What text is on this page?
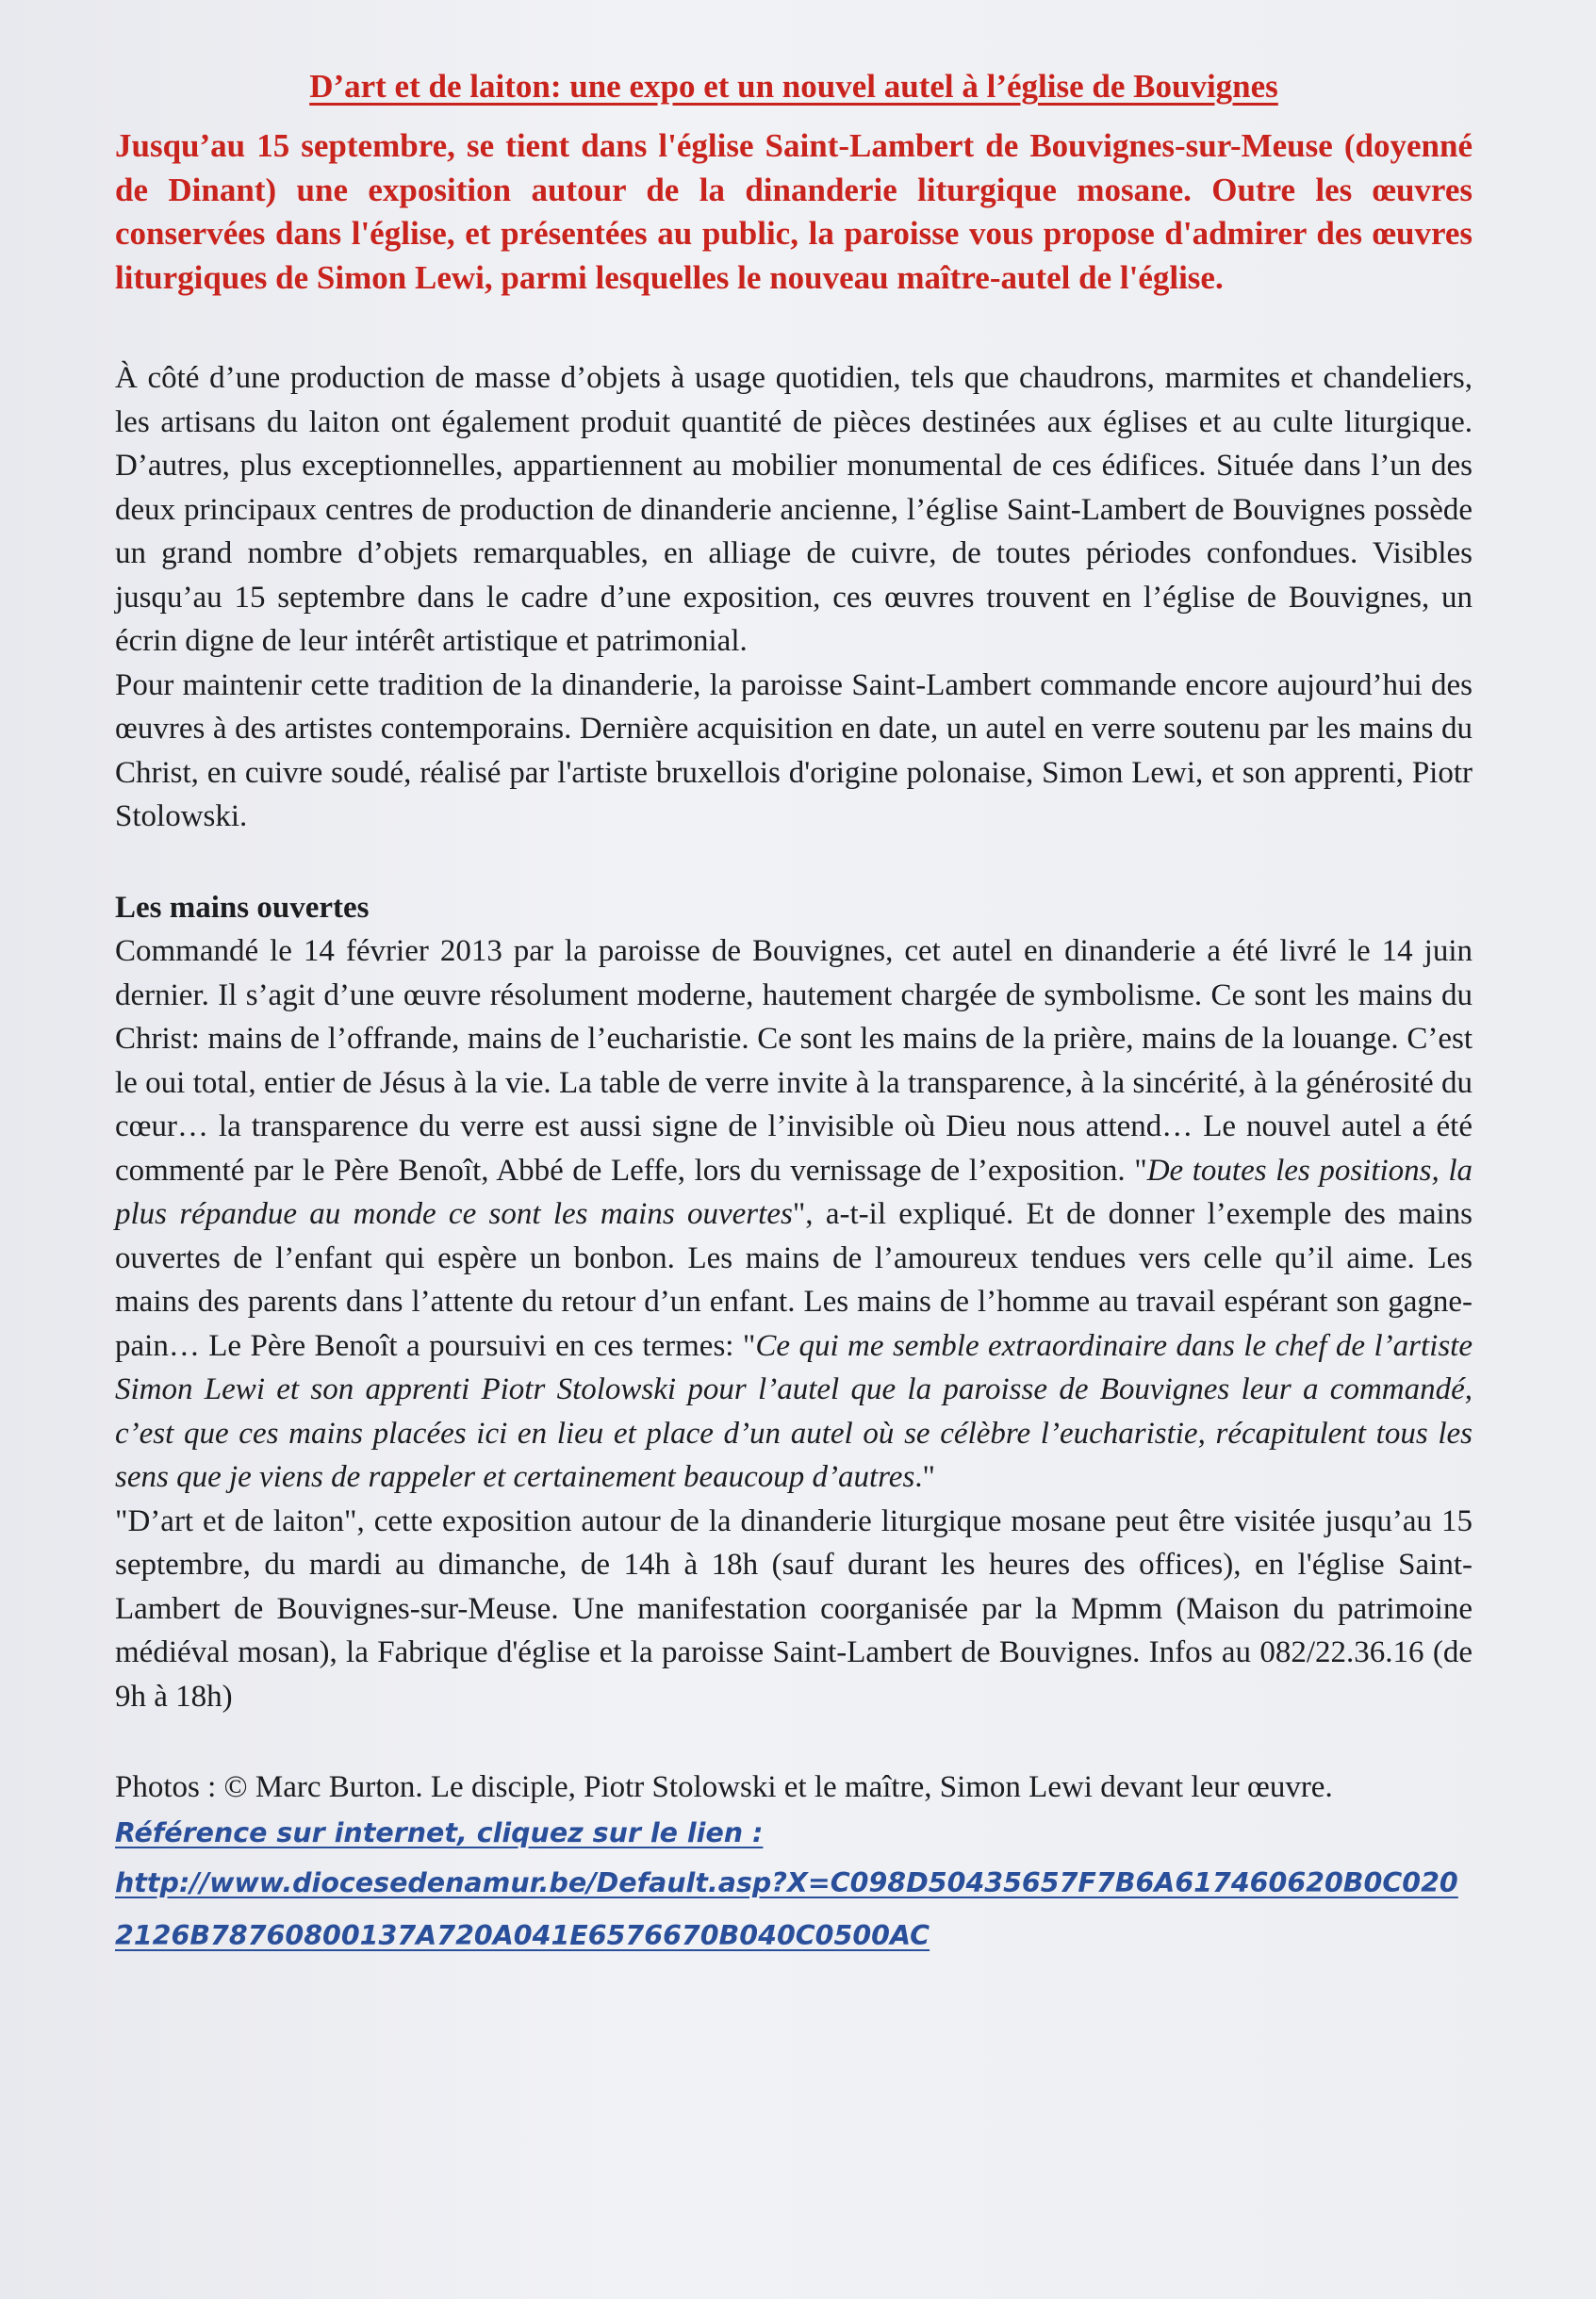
D’art et de laiton: une expo et un nouvel autel à l’église de Bouvignes

Jusqu’au 15 septembre, se tient dans l'église Saint-Lambert de Bouvignes-sur-Meuse (doyenné de Dinant) une exposition autour de la dinanderie liturgique mosane. Outre les œuvres conservées dans l'église, et présentées au public, la paroisse vous propose d'admirer des œuvres liturgiques de Simon Lewi, parmi lesquelles le nouveau maître-autel de l'église.

À côté d’une production de masse d’objets à usage quotidien, tels que chaudrons, marmites et chandeliers, les artisans du laiton ont également produit quantité de pièces destinées aux églises et au culte liturgique. D’autres, plus exceptionnelles, appartiennent au mobilier monumental de ces édifices. Située dans l’un des deux principaux centres de production de dinanderie ancienne, l’église Saint-Lambert de Bouvignes possède un grand nombre d’objets remarquables, en alliage de cuivre, de toutes périodes confondues. Visibles jusqu’au 15 septembre dans le cadre d’une exposition, ces œuvres trouvent en l’église de Bouvignes, un écrin digne de leur intérêt artistique et patrimonial.

Pour maintenir cette tradition de la dinanderie, la paroisse Saint-Lambert commande encore aujourd’hui des œuvres à des artistes contemporains. Dernière acquisition en date, un autel en verre soutenu par les mains du Christ, en cuivre soudé, réalisé par l'artiste bruxellois d'origine polonaise, Simon Lewi, et son apprenti, Piotr Stolowski.

Les mains ouvertes

Commandé le 14 février 2013 par la paroisse de Bouvignes, cet autel en dinanderie a été livré le 14 juin dernier. Il s’agit d’une œuvre résolument moderne, hautement chargée de symbolisme. Ce sont les mains du Christ: mains de l’offrande, mains de l’eucharistie. Ce sont les mains de la prière, mains de la louange. C’est le oui total, entier de Jésus à la vie. La table de verre invite à la transparence, à la sincérité, à la générosité du cœur… la transparence du verre est aussi signe de l’invisible où Dieu nous attend… Le nouvel autel a été commenté par le Père Benoît, Abbé de Leffe, lors du vernissage de l’exposition. "De toutes les positions, la plus répandue au monde ce sont les mains ouvertes", a-t-il expliqué. Et de donner l’exemple des mains ouvertes de l’enfant qui espère un bonbon. Les mains de l’amoureux tendues vers celle qu’il aime. Les mains des parents dans l’attente du retour d’un enfant. Les mains de l’homme au travail espérant son gagne-pain… Le Père Benoît a poursuivi en ces termes: "Ce qui me semble extraordinaire dans le chef de l’artiste Simon Lewi et son apprenti Piotr Stolowski pour l’autel que la paroisse de Bouvignes leur a commandé, c’est que ces mains placées ici en lieu et place d’un autel où se célèbre l’eucharistie, récapitulent tous les sens que je viens de rappeler et certainement beaucoup d’autres."

"D’art et de laiton", cette exposition autour de la dinanderie liturgique mosane peut être visitée jusqu’au 15 septembre, du mardi au dimanche, de 14h à 18h (sauf durant les heures des offices), en l'église Saint-Lambert de Bouvignes-sur-Meuse. Une manifestation coorganisée par la Mpmm (Maison du patrimoine médiéval mosan), la Fabrique d'église et la paroisse Saint-Lambert de Bouvignes. Infos au 082/22.36.16 (de 9h à 18h)

Photos : © Marc Burton. Le disciple, Piotr Stolowski et le maître, Simon Lewi devant leur œuvre.

Référence sur internet, cliquez sur le lien :

http://www.diocesedenamur.be/Default.asp?X=C098D50435657F7B6A617460620B0C0202126B78760800137A720A041E6576670B040C0500AC
